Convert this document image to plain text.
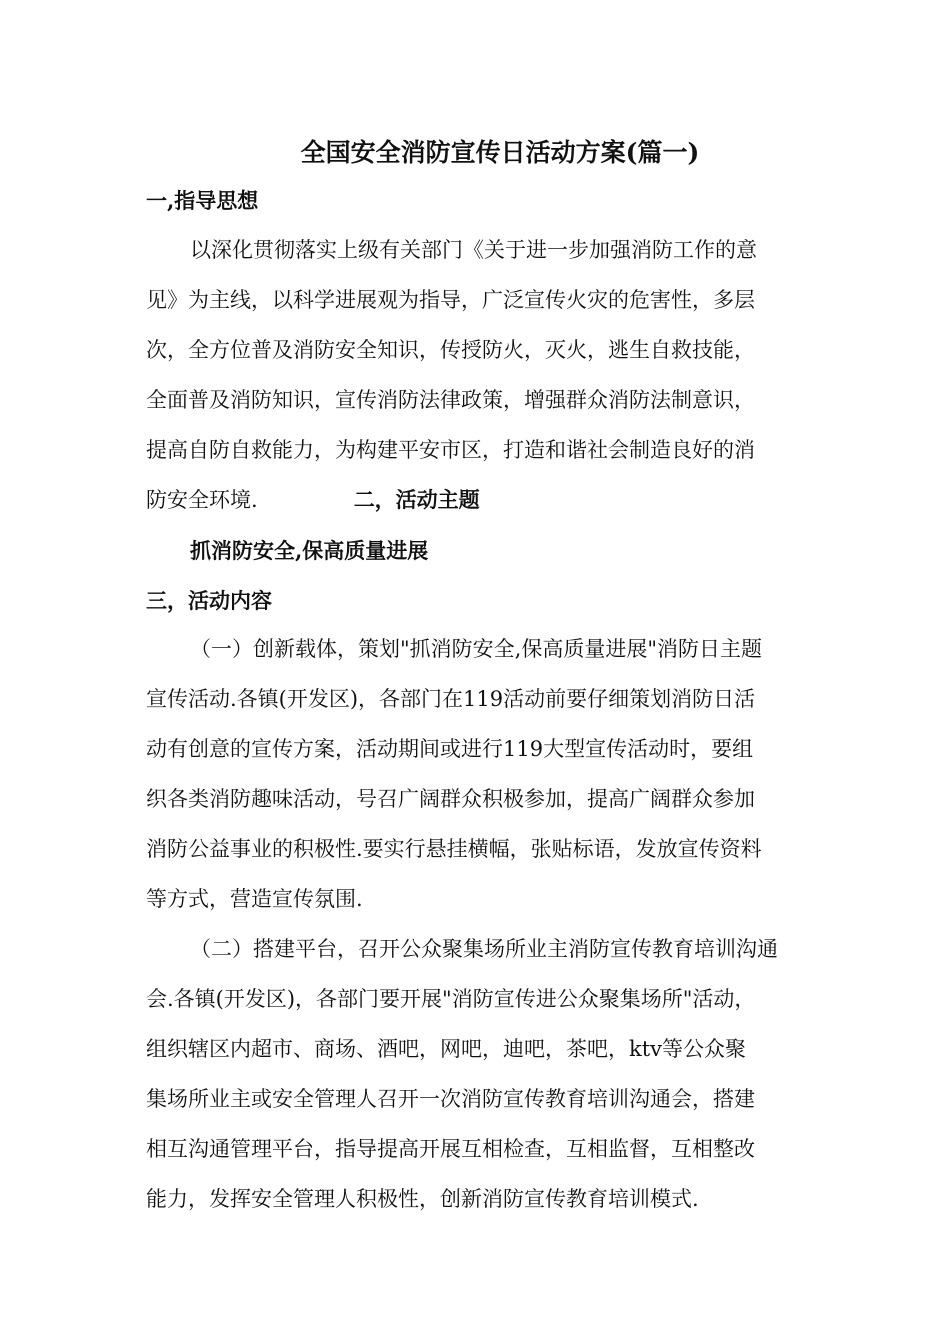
全国安全消防宣传日活动方案(篇一)
一,指导思想
以深化贯彻落实上级有关部门《关于进一步加强消防工作的意
见》为主线，以科学进展观为指导，广泛宣传火灾的危害性，多层
次，全方位普及消防安全知识，传授防火，灭火，逃生自救技能，
全面普及消防知识，宣传消防法律政策，增强群众消防法制意识，
提高自防自救能力，为构建平安市区，打造和谐社会制造良好的消
防安全环境.	二，活动主题
抓消防安全,保高质量进展
三，活动内容
（一）创新载体，策划"抓消防安全,保高质量进展"消防日主题
宣传活动.各镇(开发区)，各部门在119活动前要仔细策划消防日活
动有创意的宣传方案，活动期间或进行119大型宣传活动时，要组
织各类消防趣味活动，号召广阔群众积极参加，提高广阔群众参加
消防公益事业的积极性.要实行悬挂横幅，张贴标语，发放宣传资料
等方式，营造宣传氛围.
（二）搭建平台，召开公众聚集场所业主消防宣传教育培训沟通
会.各镇(开发区)，各部门要开展"消防宣传进公众聚集场所"活动，
组织辖区内超市、商场、酒吧，网吧，迪吧，茶吧，ktv等公众聚
集场所业主或安全管理人召开一次消防宣传教育培训沟通会，搭建
相互沟通管理平台，指导提高开展互相检查，互相监督，互相整改
能力，发挥安全管理人积极性，创新消防宣传教育培训模式.
